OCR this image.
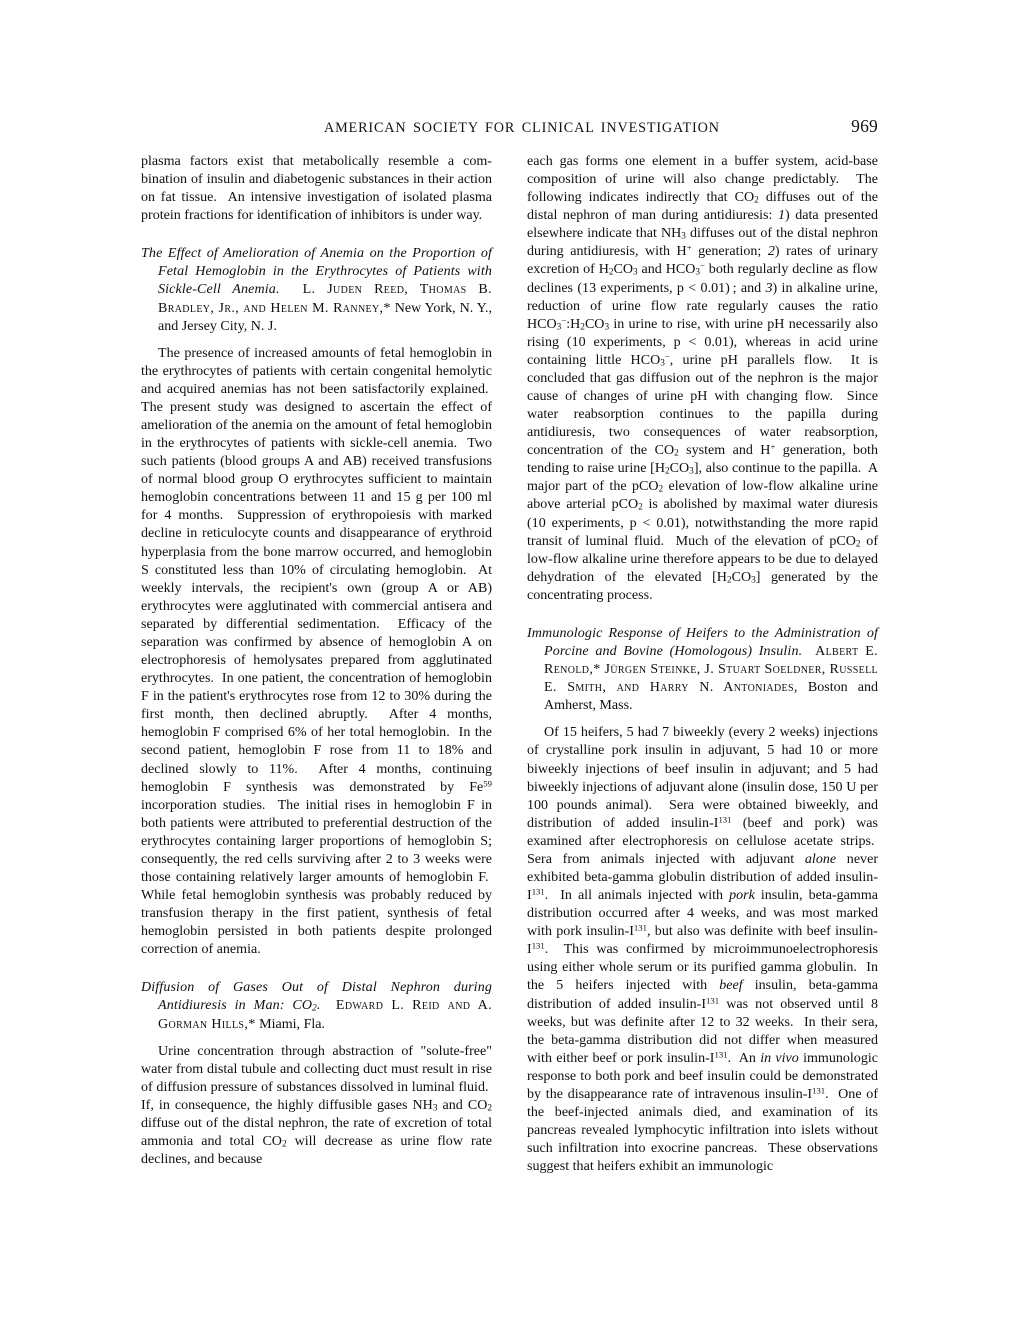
AMERICAN SOCIETY FOR CLINICAL INVESTIGATION	969

plasma factors exist that metabolically resemble a com-bination of insulin and diabetogenic substances in their action on fat tissue.  An intensive investigation of isolated plasma protein fractions for identification of inhibitors is under way.

The Effect of Amelioration of Anemia on the Proportion of Fetal Hemoglobin in the Erythrocytes of Patients with Sickle-Cell Anemia. L. Juden Reed, Thomas B. Bradley, Jr., and Helen M. Ranney,* New York, N. Y., and Jersey City, N. J.

The presence of increased amounts of fetal hemoglobin in the erythrocytes of patients with certain congenital hemolytic and acquired anemias has not been satisfactorily explained.  The present study was designed to ascertain the effect of amelioration of the anemia on the amount of fetal hemoglobin in the erythrocytes of patients with sickle-cell anemia.  Two such patients (blood groups A and AB) received transfusions of normal blood group O erythrocytes sufficient to maintain hemoglobin concentrations between 11 and 15 g per 100 ml for 4 months.  Suppression of erythropoiesis with marked decline in reticulocyte counts and disappearance of erythroid hyperplasia from the bone marrow occurred, and hemoglobin S constituted less than 10% of circulating hemoglobin.  At weekly intervals, the recipient's own (group A or AB) erythrocytes were agglutinated with commercial antisera and separated by differential sedimentation.  Efficacy of the separation was confirmed by absence of hemoglobin A on electrophoresis of hemolysates prepared from agglutinated erythrocytes.  In one patient, the concentration of hemoglobin F in the patient's erythrocytes rose from 12 to 30% during the first month, then declined abruptly.  After 4 months, hemoglobin F comprised 6% of her total hemoglobin.  In the second patient, hemoglobin F rose from 11 to 18% and declined slowly to 11%.  After 4 months, continuing hemoglobin F synthesis was demonstrated by Fe$^{59}$ incorporation studies.  The initial rises in hemoglobin F in both patients were attributed to preferential destruction of the erythrocytes containing larger proportions of hemoglobin S; consequently, the red cells surviving after 2 to 3 weeks were those containing relatively larger amounts of hemoglobin F.  While fetal hemoglobin synthesis was probably reduced by transfusion therapy in the first patient, synthesis of fetal hemoglobin persisted in both patients despite prolonged correction of anemia.

Diffusion of Gases Out of Distal Nephron during Antidiuresis in Man: $CO_2$. Edward L. Reid and A. Gorman Hills,* Miami, Fla.

Urine concentration through abstraction of "solute-free" water from distal tubule and collecting duct must result in rise of diffusion pressure of substances dissolved in luminal fluid.  If, in consequence, the highly diffusible gases $NH_3$ and $CO_2$ diffuse out of the distal nephron, the rate of excretion of total ammonia and total $CO_2$ will decrease as urine flow rate declines, and because

each gas forms one element in a buffer system, acid-base composition of urine will also change predictably.  The following indicates indirectly that $CO_2$ diffuses out of the distal nephron of man during antidiuresis: 1) data presented elsewhere indicate that $NH_3$ diffuses out of the distal nephron during antidiuresis, with H+ generation; 2) rates of urinary excretion of $H_2CO_3$ and $HCO_3^-$ both regularly decline as flow declines (13 experiments, p < 0.01) ; and 3) in alkaline urine, reduction of urine flow rate regularly causes the ratio $HCO_3^-:H_2CO_3$ in urine to rise, with urine pH necessarily also rising (10 experiments, p < 0.01), whereas in acid urine containing little $HCO_3^-$, urine pH parallels flow.  It is concluded that gas diffusion out of the nephron is the major cause of changes of urine pH with changing flow.  Since water reabsorption continues to the papilla during antidiuresis, two consequences of water reabsorption, concentration of the $CO_2$ system and H+ generation, both tending to raise urine $[H_2CO_3]$, also continue to the papilla.  A major part of the pCO$_2$ elevation of low-flow alkaline urine above arterial pCO$_2$ is abolished by maximal water diuresis (10 experiments, p < 0.01), notwithstanding the more rapid transit of luminal fluid.  Much of the elevation of pCO$_2$ of low-flow alkaline urine therefore appears to be due to delayed dehydration of the elevated $[H_2CO_3]$ generated by the concentrating process.

Immunologic Response of Heifers to the Administration of Porcine and Bovine (Homologous) Insulin. Albert E. Renold,* Jürgen Steinke, J. Stuart Soeldner, Russell E. Smith, and Harry N. Antoniades, Boston and Amherst, Mass.

Of 15 heifers, 5 had 7 biweekly (every 2 weeks) injections of crystalline pork insulin in adjuvant, 5 had 10 or more biweekly injections of beef insulin in adjuvant; and 5 had biweekly injections of adjuvant alone (insulin dose, 150 U per 100 pounds animal).  Sera were obtained biweekly, and distribution of added insulin-$I^{131}$ (beef and pork) was examined after electrophoresis on cellulose acetate strips.  Sera from animals injected with adjuvant alone never exhibited beta-gamma globulin distribution of added insulin-$I^{131}$.  In all animals injected with pork insulin, beta-gamma distribution occurred after 4 weeks, and was most marked with pork insulin-$I^{131}$, but also was definite with beef insulin-$I^{131}$.  This was confirmed by microimmunoelectrophoresis using either whole serum or its purified gamma globulin.  In the 5 heifers injected with beef insulin, beta-gamma distribution of added insulin-$I^{131}$ was not observed until 8 weeks, but was definite after 12 to 32 weeks.  In their sera, the beta-gamma distribution did not differ when measured with either beef or pork insulin-$I^{131}$.  An in vivo immunologic response to both pork and beef insulin could be demonstrated by the disappearance rate of intravenous insulin-$I^{131}$.  One of the beef-injected animals died, and examination of its pancreas revealed lymphocytic infiltration into islets without such infiltration into exocrine pancreas.  These observations suggest that heifers exhibit an immunologic
